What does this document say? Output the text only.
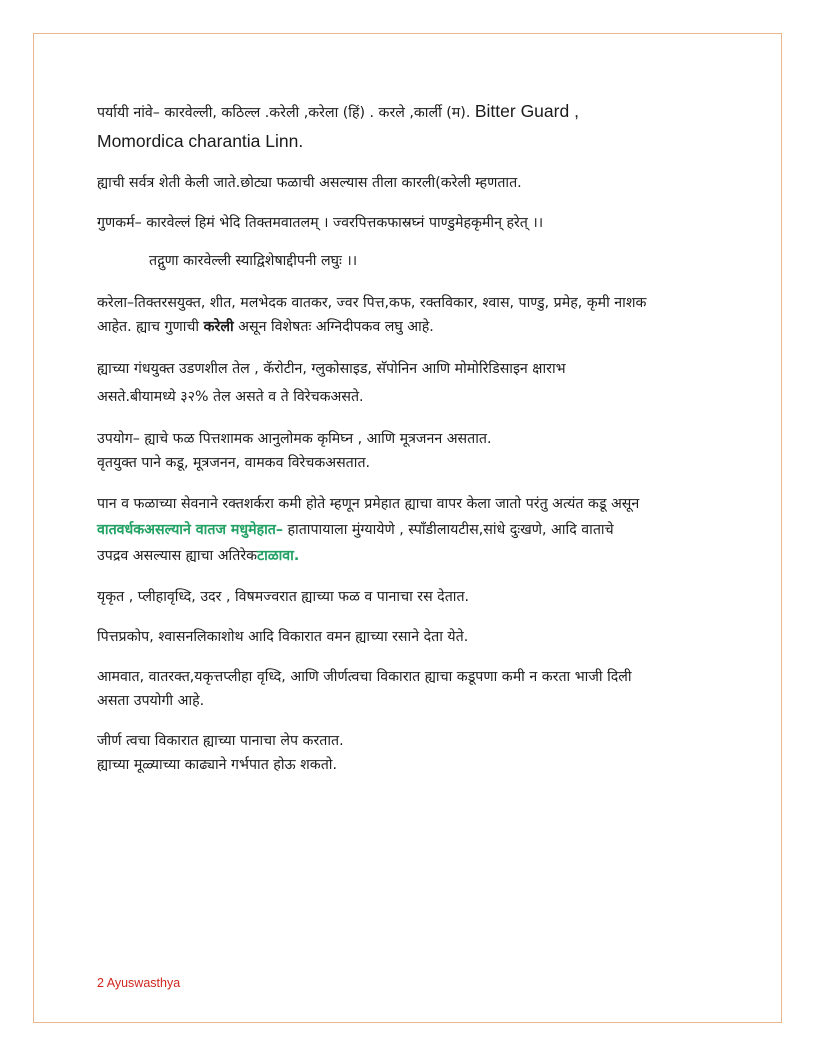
पर्यायी नांवे– कारवेल्ली, कठिल्ल .करेली ,करेला (हिं) . करले ,कार्ली (म). Bitter Guard ,
Momordica charantia Linn.

ह्याची सर्वत्र शेती केली जाते.छोट्या फळाची असल्यास तीला कारली(करेली म्हणतात.

गुणकर्म– कारवेल्लं हिमं भेदि तिक्तमवातलम् । ज्वरपित्तकफास्रघ्नं पाण्डुमेहकृमीन् हरेत् ।।

तद्गुणा कारवेल्ली स्याद्विशेषाद्दीपनी लघुः ।।

करेला–तिक्तरसयुक्त, शीत, मलभेदक वातकर, ज्वर पित्त,कफ, रक्तविकार, श्वास, पाण्डु, प्रमेह, कृमी नाशक
आहेत. ह्याच गुणाची करेली असून विशेषतः अग्निदीपकव लघु आहे.

ह्याच्या गंधयुक्त उडणशील तेल , कॅरोटीन, ग्लुकोसाइड, सॅपोनिन आणि मोमोरिडिसाइन क्षाराभ
असते.बीयामध्ये ३२% तेल असते व ते विरेचकअसते.

उपयोग– ह्याचे फळ पित्तशामक आनुलोमक कृमिघ्न , आणि मूत्रजनन असतात.
वृतयुक्त पाने कडू, मूत्रजनन, वामकव विरेचकअसतात.

पान व फळाच्या सेवनाने रक्तशर्करा कमी होते म्हणून प्रमेहात ह्याचा वापर केला जातो परंतु अत्यंत कडू असून
वातवर्धकअसल्याने वातज मधुमेहात– हातापायाला मुंग्यायेणे , स्पाँडीलायटीस,सांधे दुःखणे, आदि वाताचे
उपद्रव असल्यास ह्याचा अतिरेकटाळावा.

यृकृत , प्लीहावृध्दि, उदर , विषमज्वरात ह्याच्या फळ व पानाचा रस देतात.

पित्तप्रकोप, श्वासनलिकाशोथ आदि विकारात वमन ह्याच्या रसाने देता येते.

आमवात, वातरक्त,यकृत्तप्लीहा वृध्दि, आणि जीर्णत्वचा विकारात ह्याचा कडूपणा कमी न करता भाजी दिली
असता उपयोगी आहे.

जीर्ण त्वचा विकारात ह्याच्या पानाचा लेप करतात.
ह्याच्या मूळ्याच्या काढ्याने गर्भपात होऊ शकतो.

2 Ayuswasthya
